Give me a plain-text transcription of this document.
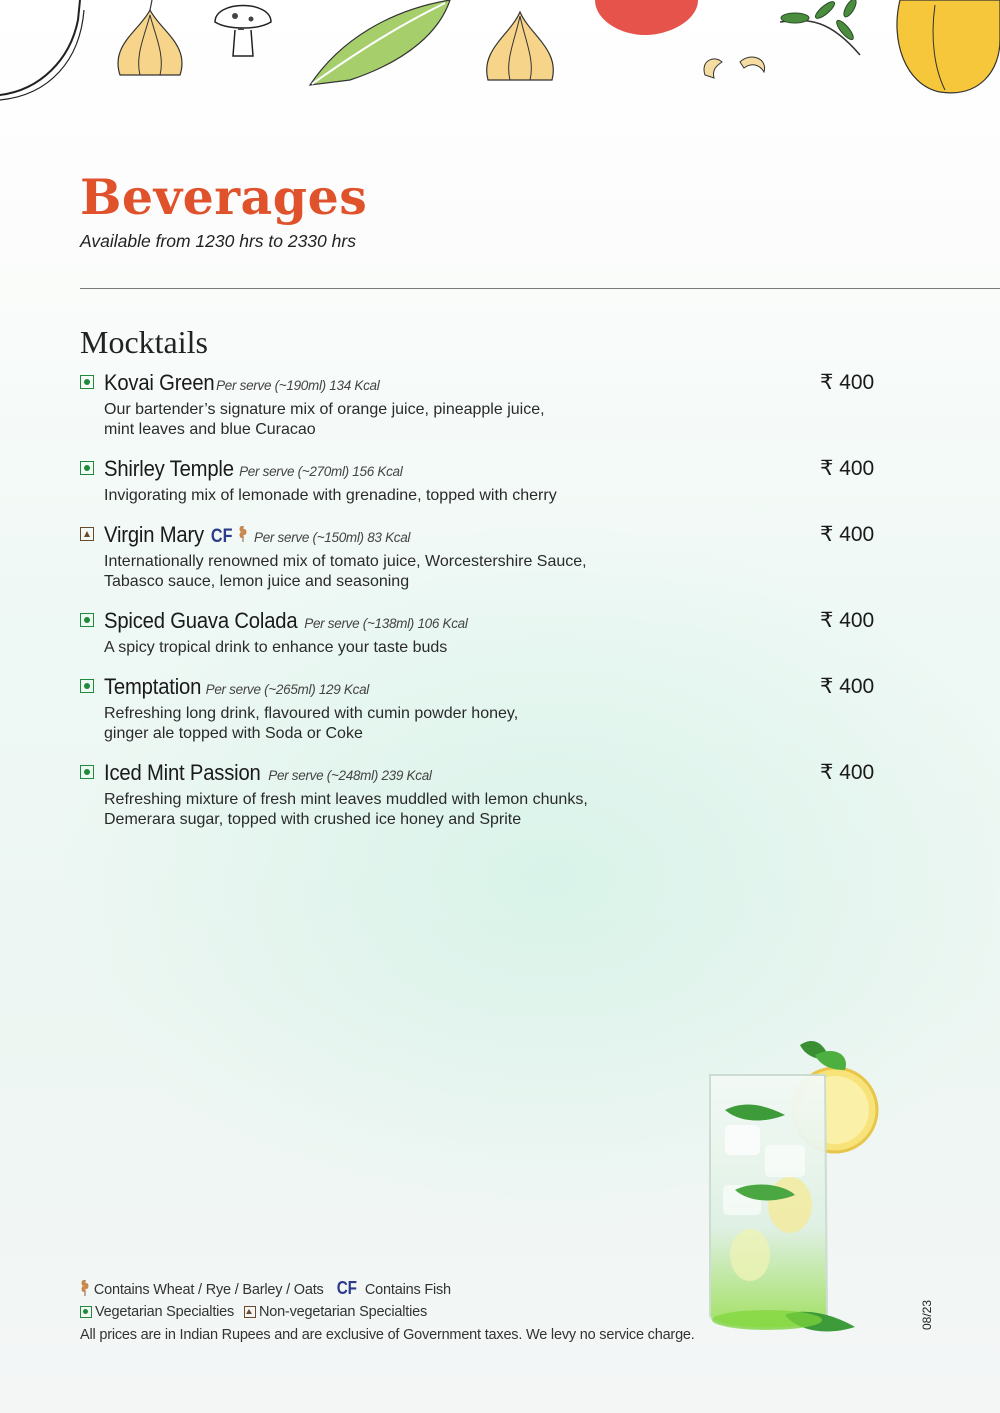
Beverages

Available from 1230 hrs to 2330 hrs

Mocktails
Kovai Green Per serve (~190ml) 134 Kcal
Our bartender’s signature mix of orange juice, pineapple juice,
mint leaves and blue Curacao
₹ 400
Shirley Temple Per serve (~270ml) 156 Kcal
Invigorating mix of lemonade with grenadine, topped with cherry
₹ 400
Virgin Mary CF Per serve (~150ml) 83 Kcal
Internationally renowned mix of tomato juice, Worcestershire Sauce,
Tabasco sauce, lemon juice and seasoning
₹ 400
Spiced Guava Colada Per serve (~138ml) 106 Kcal
A spicy tropical drink to enhance your taste buds
₹ 400
Temptation Per serve (~265ml) 129 Kcal
Refreshing long drink, flavoured with cumin powder honey,
ginger ale topped with Soda or Coke
₹ 400
Iced Mint Passion Per serve (~248ml) 239 Kcal
Refreshing mixture of fresh mint leaves muddled with lemon chunks,
Demerara sugar, topped with crushed ice honey and Sprite
₹ 400
Contains Wheat / Rye / Barley / Oats CF Contains Fish
Vegetarian Specialties Non-vegetarian Specialties
All prices are in Indian Rupees and are exclusive of Government taxes. We levy no service charge.
08/23
